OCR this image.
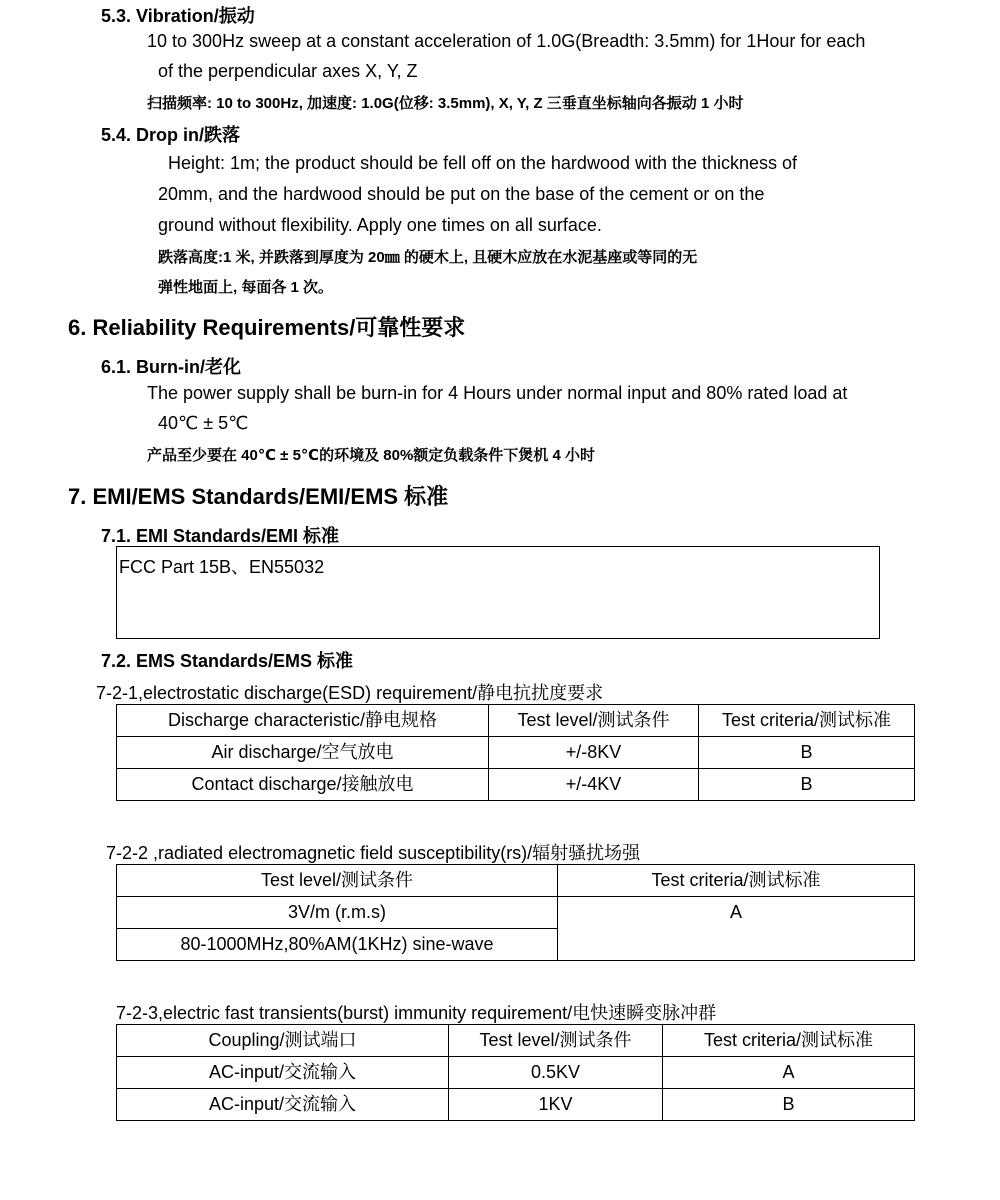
5.3. Vibration/振动
10 to 300Hz sweep at a constant acceleration of 1.0G(Breadth: 3.5mm) for 1Hour for each
of the perpendicular axes X, Y, Z
扫描频率: 10 to 300Hz, 加速度: 1.0G(位移: 3.5mm), X, Y, Z 三垂直坐标轴向各振动 1 小时
5.4. Drop in/跌落
Height: 1m; the product should be fell off on the hardwood with the thickness of
20mm, and the hardwood should be put on the base of the cement or on the
ground without flexibility. Apply one times on all surface.
跌落高度:1 米, 并跌落到厚度为 20㎜ 的硬木上, 且硬木应放在水泥基座或等同的无
弹性地面上, 每面各 1 次。
6. Reliability Requirements/可靠性要求
6.1. Burn-in/老化
The power supply shall be burn-in for 4 Hours under normal input and 80% rated load at
40℃ ± 5℃
产品至少要在 40℃ ± 5℃的环境及 80%额定负载条件下煲机 4 小时
7. EMI/EMS Standards/EMI/EMS 标准
7.1. EMI Standards/EMI 标准
FCC Part 15B、EN55032
7.2. EMS Standards/EMS 标准
7-2-1,electrostatic discharge(ESD) requirement/静电抗扰度要求
Discharge characteristic/静电规格	Test level/测试条件	Test criteria/测试标准
Air discharge/空气放电	+/-8KV	B
Contact discharge/接触放电	+/-4KV	B
7-2-2 ,radiated electromagnetic field susceptibility(rs)/辐射骚扰场强
Test level/测试条件	Test criteria/测试标准
3V/m (r.m.s)	A
80-1000MHz,80%AM(1KHz) sine-wave	
7-2-3,electric fast transients(burst) immunity requirement/电快速瞬变脉冲群
Coupling/测试端口	Test level/测试条件	Test criteria/测试标准
AC-input/交流输入	0.5KV	A
AC-input/交流输入	1KV	B
